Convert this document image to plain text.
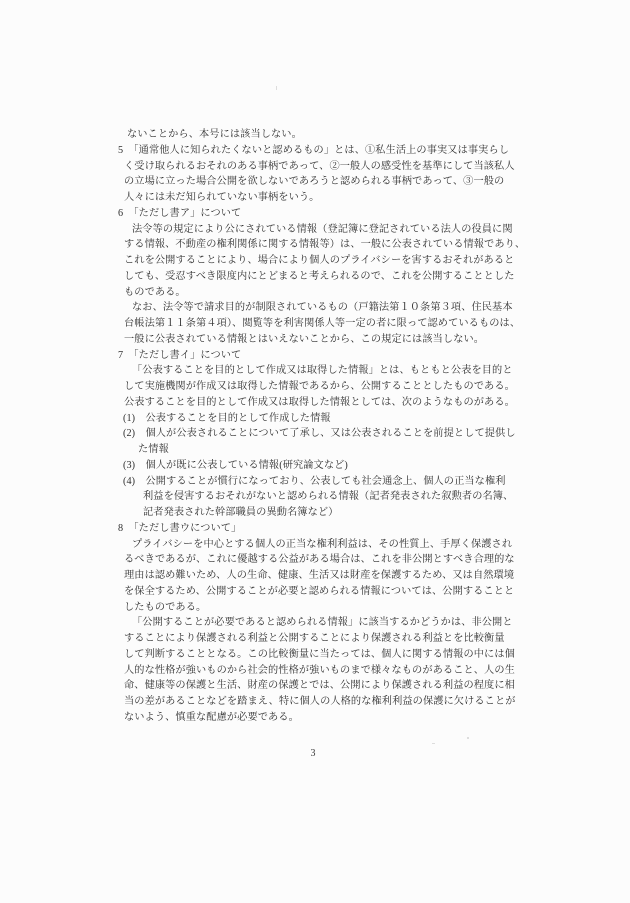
ないことから、本号には該当しない。
5　「通常他人に知られたくないと認めるもの」とは、①私生活上の事実又は事実らし
く受け取られるおそれのある事柄であって、②一般人の感受性を基準にして当該私人
の立場に立った場合公開を欲しないであろうと認められる事柄であって、③一般の
人々には未だ知られていない事柄をいう。
6　「ただし書ア」について
法令等の規定により公にされている情報（登記簿に登記されている法人の役員に関
する情報、不動産の権利関係に関する情報等）は、一般に公表されている情報であり、
これを公開することにより、場合により個人のプライバシーを害するおそれがあると
しても、受忍すべき限度内にとどまると考えられるので、これを公開することとした
ものである。
なお、法令等で請求目的が制限されているもの（戸籍法第１０条第３項、住民基本
台帳法第１１条第４項）、閲覧等を利害関係人等一定の者に限って認めているものは、
一般に公表されている情報とはいえないことから、この規定には該当しない。
7　「ただし書イ」について
「公表することを目的として作成又は取得した情報」とは、もともと公表を目的と
して実施機関が作成又は取得した情報であるから、公開することとしたものである。
公表することを目的として作成又は取得した情報としては、次のようなものがある。
(1)　公表することを目的として作成した情報
(2)　個人が公表されることについて了承し、又は公表されることを前提として提供し
た情報
(3)　個人が既に公表している情報(研究論文など)
(4)　公開することが慣行になっており、公表しても社会通念上、個人の正当な権利
利益を侵害するおそれがないと認められる情報（記者発表された叙勲者の名簿、
記者発表された幹部職員の異動名簿など）
8　「ただし書ウについて」
プライバシーを中心とする個人の正当な権利利益は、その性質上、手厚く保護され
るべきであるが、これに優越する公益がある場合は、これを非公開とすべき合理的な
理由は認め難いため、人の生命、健康、生活又は財産を保護するため、又は自然環境
を保全するため、公開することが必要と認められる情報については、公開することと
したものである。
「公開することが必要であると認められる情報」に該当するかどうかは、非公開と
することにより保護される利益と公開することにより保護される利益とを比較衡量
して判断することとなる。この比較衡量に当たっては、個人に関する情報の中には個
人的な性格が強いものから社会的性格が強いものまで様々なものがあること、人の生
命、健康等の保護と生活、財産の保護とでは、公開により保護される利益の程度に相
当の差があることなどを踏まえ、特に個人の人格的な権利利益の保護に欠けることが
ないよう、慎重な配慮が必要である。
3
